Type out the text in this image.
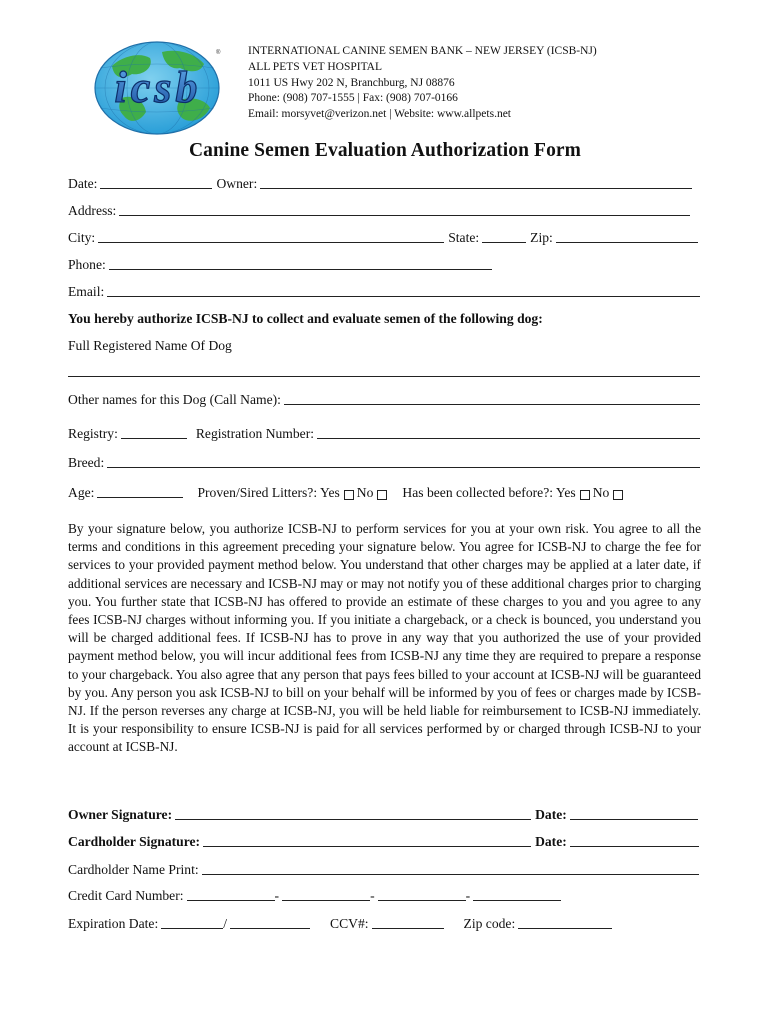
icsb
® INTERNATIONAL CANINE SEMEN BANK – NEW JERSEY (ICSB-NJ)
ALL PETS VET HOSPITAL
1011 US Hwy 202 N, Branchburg, NJ 08876
Phone: (908) 707-1555 | Fax: (908) 707-0166
Email: morsyvet@verizon.net | Website: www.allpets.net
Canine Semen Evaluation Authorization Form
Date:	Owner:
Address:
City:	State:	Zip:
Phone:
Email:
You hereby authorize ICSB-NJ to collect and evaluate semen of the following dog:
Full Registered Name Of Dog
Other names for this Dog (Call Name):
Registry:	Registration Number:
Breed:
Age:	Proven/Sired Litters?: Yes No Has been collected before?: Yes No
By your signature below, you authorize ICSB-NJ to perform services for you at your own risk. You agree to all the terms and conditions in this agreement preceding your signature below. You agree for ICSB-NJ to charge the fee for services to your provided payment method below. You understand that other charges may be applied at a later date, if additional services are necessary and ICSB-NJ may or may not notify you of these additional charges prior to charging you. You further state that ICSB-NJ has offered to provide an estimate of these charges to you and you agree to any fees ICSB-NJ charges without informing you. If you initiate a chargeback, or a check is bounced, you understand you will be charged additional fees. If ICSB-NJ has to prove in any way that you authorized the use of your provided payment method below, you will incur additional fees from ICSB-NJ any time they are required to prepare a response to your chargeback. You also agree that any person that pays fees billed to your account at ICSB-NJ will be guaranteed by you. Any person you ask ICSB-NJ to bill on your behalf will be informed by you of fees or charges made by ICSB-NJ. If the person reverses any charge at ICSB-NJ, you will be held liable for reimbursement to ICSB-NJ immediately. It is your responsibility to ensure ICSB-NJ is paid for all services performed by or charged through ICSB-NJ to your account at ICSB-NJ.
Owner Signature:	Date:
Cardholder Signature:	Date:
Cardholder Name Print:
Credit Card Number:	-	-	-
Expiration Date:	/	CCV#:	Zip code:
